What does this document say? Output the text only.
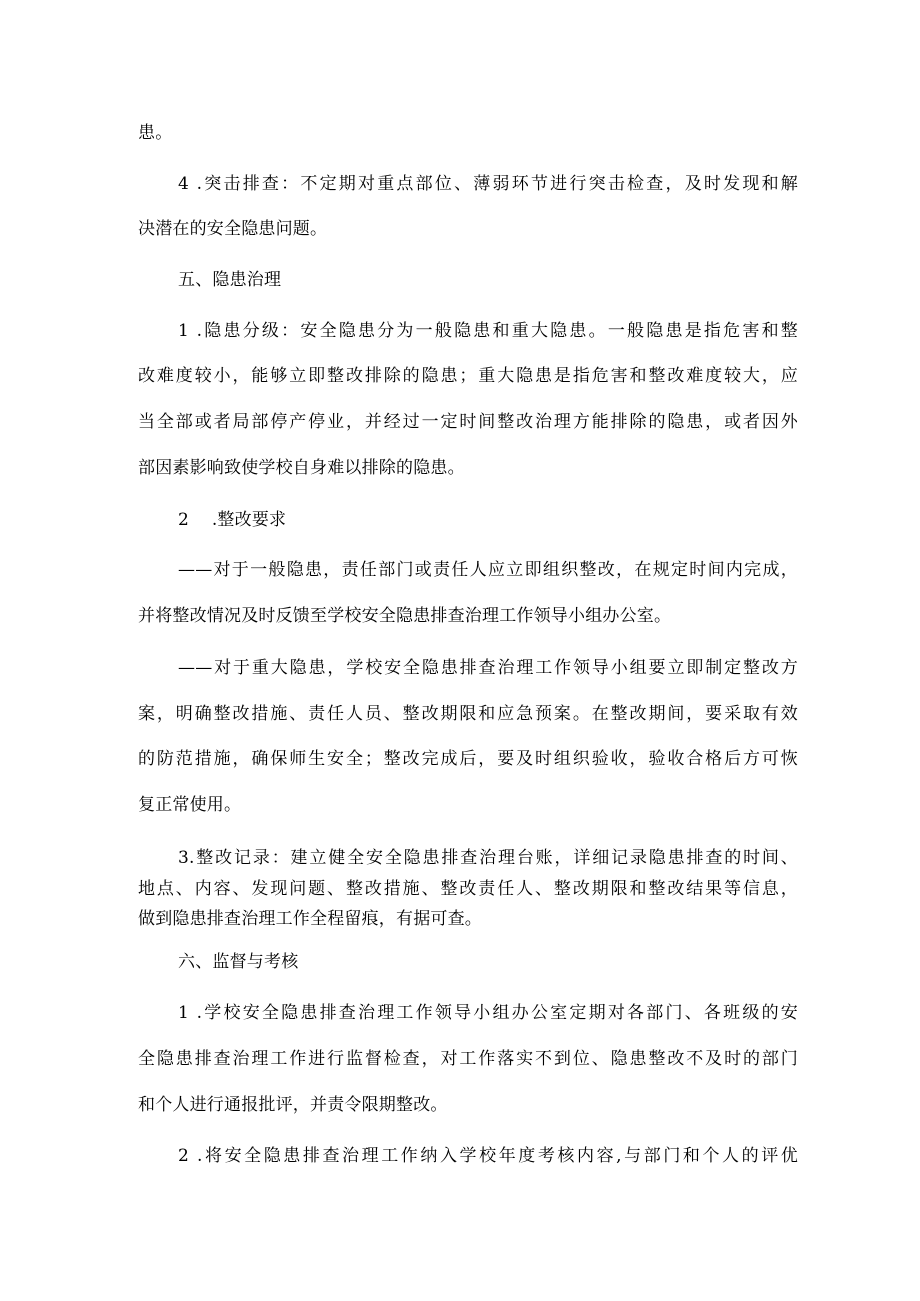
患。

4 .突击排查：不定期对重点部位、薄弱环节进行突击检查，及时发现和解

决潜在的安全隐患问题。

五、隐患治理

1 .隐患分级：安全隐患分为一般隐患和重大隐患。一般隐患是指危害和整

改难度较小，能够立即整改排除的隐患；重大隐患是指危害和整改难度较大，应

当全部或者局部停产停业，并经过一定时间整改治理方能排除的隐患，或者因外

部因素影响致使学校自身难以排除的隐患。

2　 .整改要求

——对于一般隐患，责任部门或责任人应立即组织整改，在规定时间内完成，

并将整改情况及时反馈至学校安全隐患排查治理工作领导小组办公室。

——对于重大隐患，学校安全隐患排查治理工作领导小组要立即制定整改方

案，明确整改措施、责任人员、整改期限和应急预案。在整改期间，要采取有效

的防范措施，确保师生安全；整改完成后，要及时组织验收，验收合格后方可恢

复正常使用。

3.整改记录：建立健全安全隐患排查治理台账，详细记录隐患排查的时间、

地点、内容、发现问题、整改措施、整改责任人、整改期限和整改结果等信息，

做到隐患排查治理工作全程留痕，有据可查。

六、监督与考核

1 .学校安全隐患排查治理工作领导小组办公室定期对各部门、各班级的安

全隐患排查治理工作进行监督检查，对工作落实不到位、隐患整改不及时的部门

和个人进行通报批评，并责令限期整改。

2 .将安全隐患排查治理工作纳入学校年度考核内容,与部门和个人的评优
